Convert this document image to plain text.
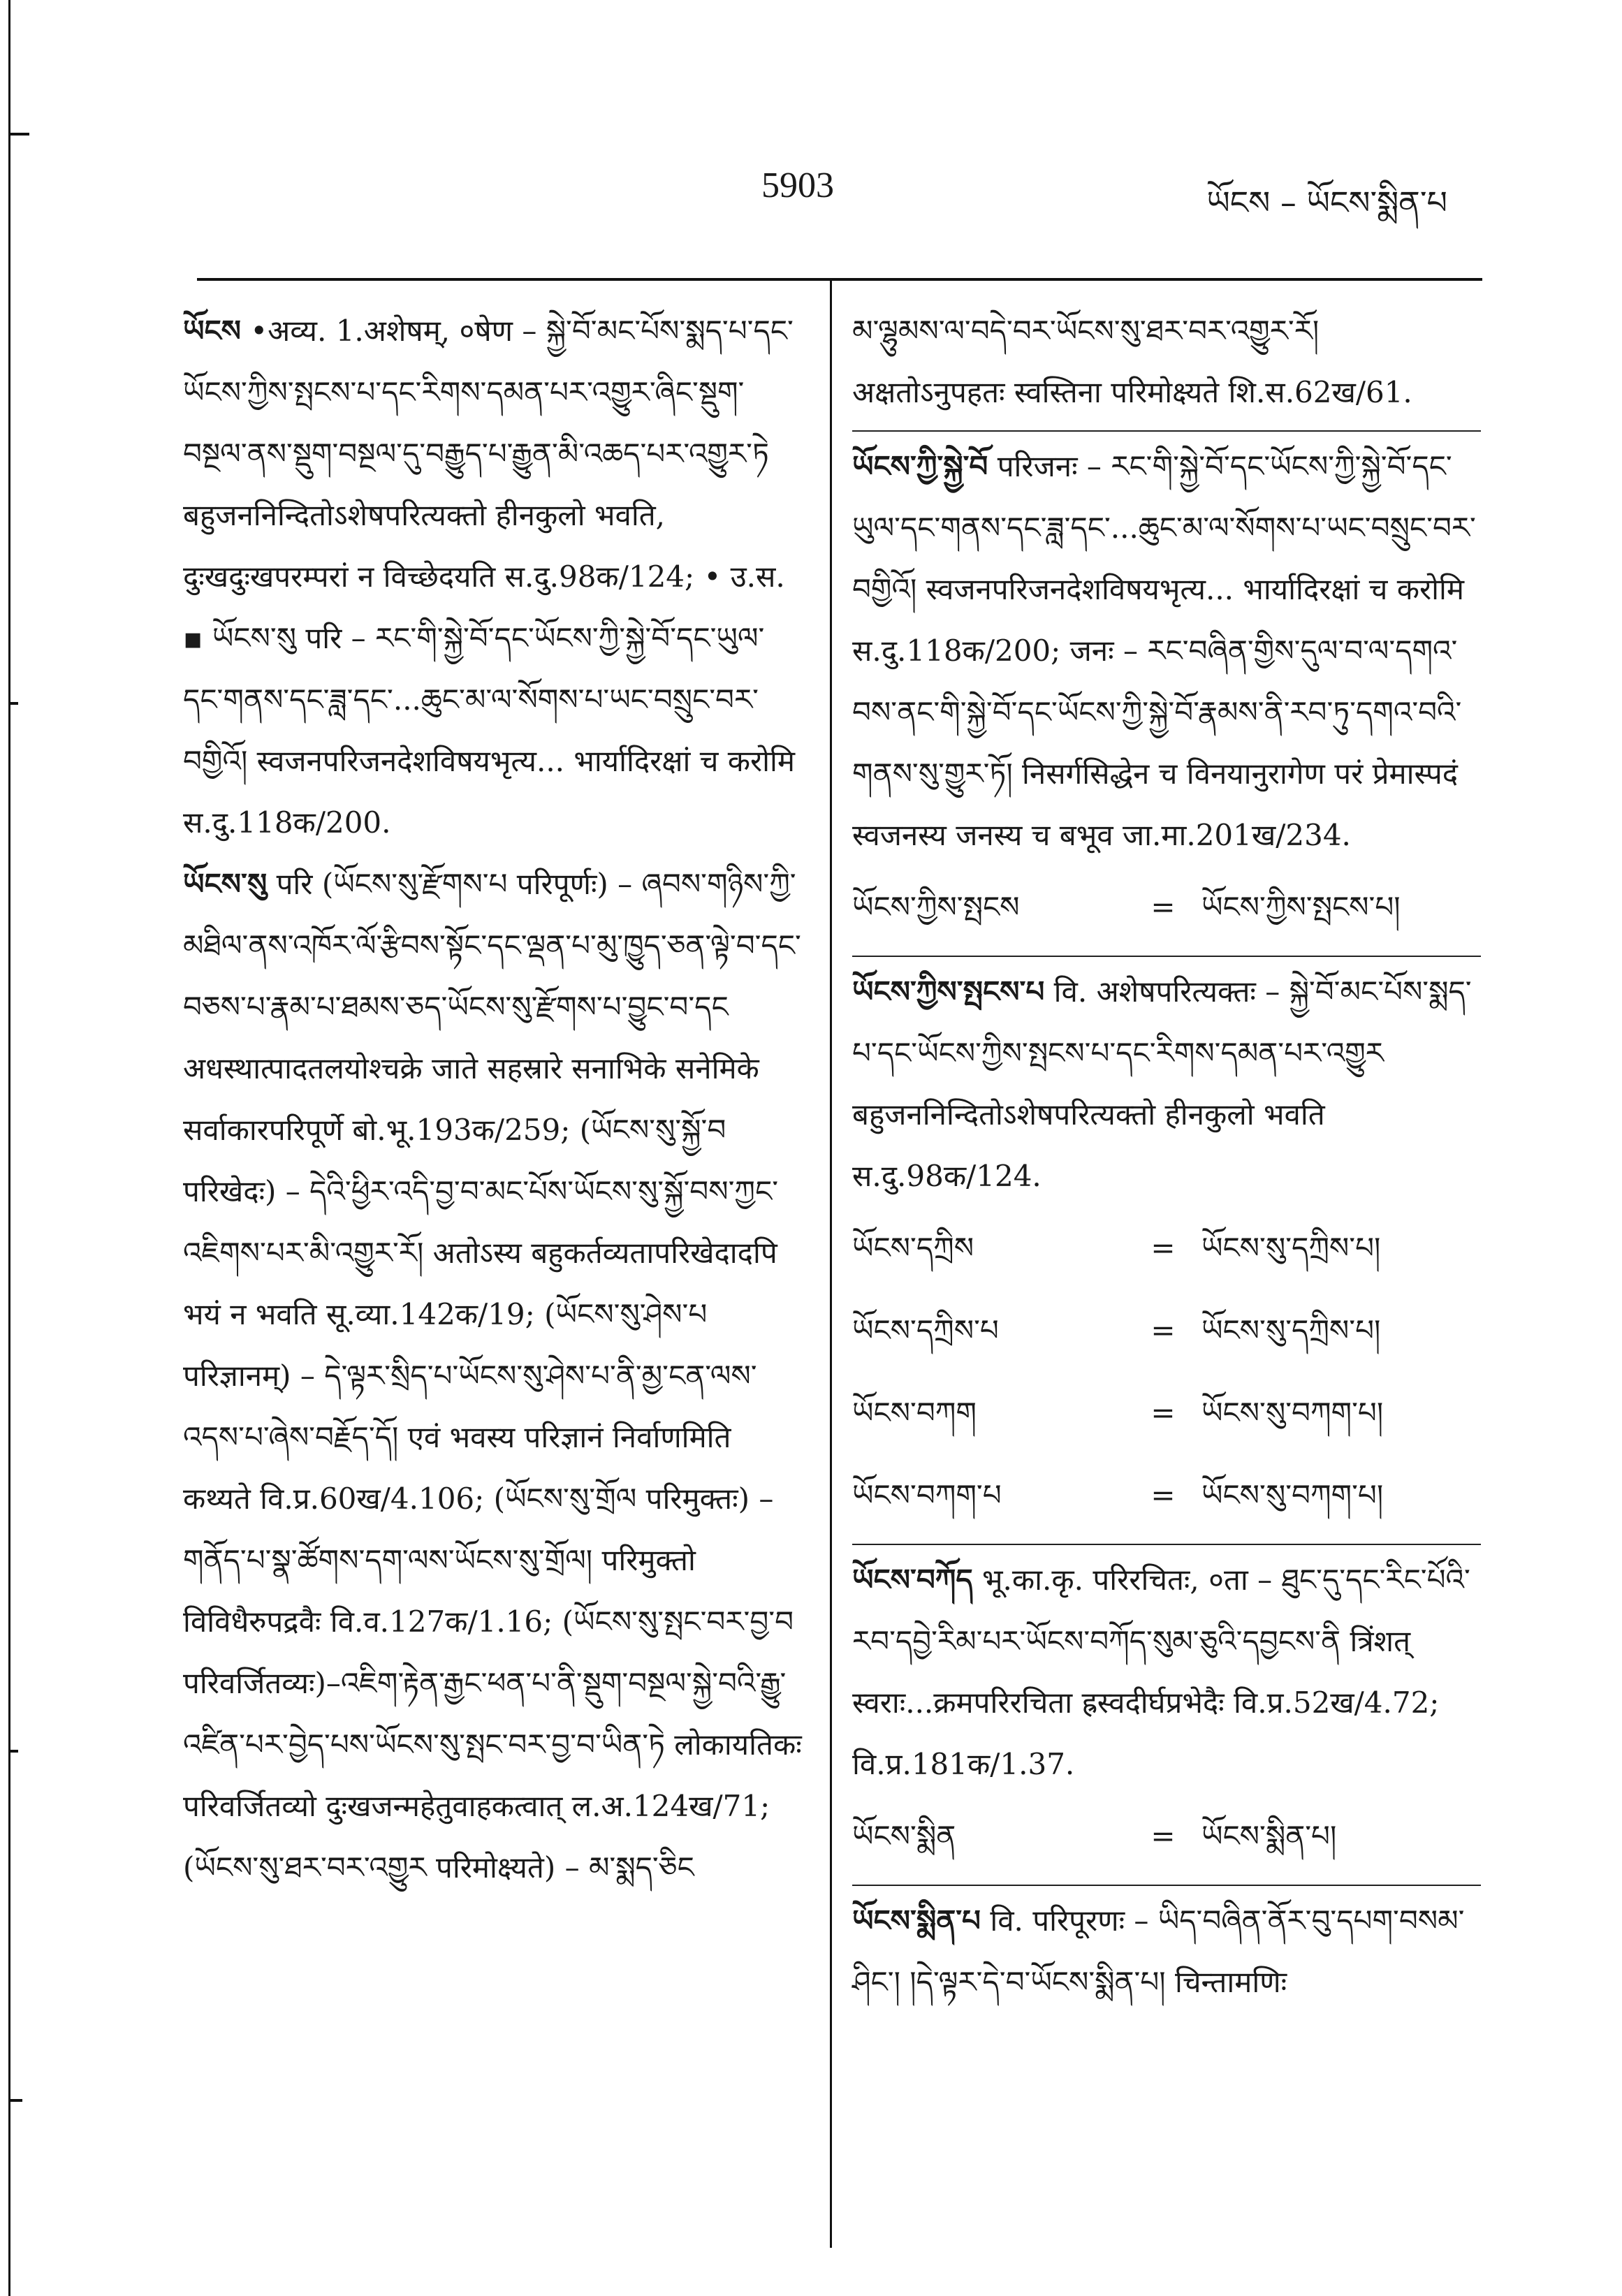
5903	ཡོངས – ཡོངས་སྨིན་པ
ཡོངས •अव्य. 1.अशेषम्, ०षेण – སྐྱེ་བོ་མང་པོས་སྨད་པ་དང་ཡོངས་ཀྱིས་སྤངས་པ་དང་རིགས་དམན་པར་འགྱུར་ཞིང་སྡུག་བསྔལ་ནས་སྡུག་བསྔལ་དུ་བརྒྱུད་པ་རྒྱུན་མི་འཆད་པར་འགྱུར་ཏེ बहुजननिन्दितोऽशेषपरित्यक्तो हीनकुलो भवति, दुःखदुःखपरम्परां न विच्छेदयति स.दु.98क/124; • उ.स. ▪ ཡོངས་སུ परि – རང་གི་སྐྱེ་བོ་དང་ཡོངས་ཀྱི་སྐྱེ་བོ་དང་ཡུལ་དང་གནས་དང་ཟླ་དང་...ཆུང་མ་ལ་སོགས་པ་ཡང་བསྲུང་བར་བགྱིའོ། स्वजनपरिजनदेशविषयभृत्य... भार्यादिरक्षां च करोमि स.दु.118क/200.
ཡོངས་སུ परि (ཡོངས་སུ་རྫོགས་པ परिपूर्णः) – ཞབས་གཉིས་ཀྱི་མཐིལ་ནས་འཁོར་ལོ་རྩིབས་སྟོང་དང་ལྡན་པ་མུ་ཁྱུད་ཅན་ལྟེ་བ་དང་བཅས་པ་རྣམ་པ་ཐམས་ཅད་ཡོངས་སུ་རྫོགས་པ་བྱུང་བ་དང अधस्थात्पादतलयोश्चक्रे जाते सहस्रारे सनाभिके सनेमिके सर्वाकारपरिपूर्णे बो.भू.193क/259; (ཡོངས་སུ་སྐྱོ་བ परिखेदः) – དེའི་ཕྱིར་འདི་བྱ་བ་མང་པོས་ཡོངས་སུ་སྐྱོ་བས་ཀྱང་འཇིགས་པར་མི་འགྱུར་རོ། अतोऽस्य बहुकर्तव्यतापरिखेदादपि भयं न भवति सू.व्या.142क/19; (ཡོངས་སུ་ཤེས་པ परिज्ञानम्) – དེ་ལྟར་སྲིད་པ་ཡོངས་སུ་ཤེས་པ་ནི་མྱ་ངན་ལས་འདས་པ་ཞེས་བརྗོད་དོ། एवं भवस्य परिज्ञानं निर्वाणमिति कथ्यते वि.प्र.60ख/4.106; (ཡོངས་སུ་གྲོལ परिमुक्तः) – གནོད་པ་སྣ་ཚོགས་དག་ལས་ཡོངས་སུ་གྲོལ། परिमुक्तो विविधैरुपद्रवैः वि.व.127क/1.16; (ཡོངས་སུ་སྤང་བར་བྱ་བ परिवर्जितव्यः)–འཇིག་རྟེན་རྒྱང་ཕན་པ་ནི་སྡུག་བསྔལ་སྐྱེ་བའི་རྒྱུ་འཛིན་པར་བྱེད་པས་ཡོངས་སུ་སྤང་བར་བྱ་བ་ཡིན་ཏེ लोकायतिकः परिवर्जितव्यो दुःखजन्महेतुवाहकत्वात् ल.अ.124ख/71; (ཡོངས་སུ་ཐར་བར་འགྱུར परिमोक्ष्यते) – མ་སྨད་ཅིང
མ་ལྷུམས་ལ་བདེ་བར་ཡོངས་སུ་ཐར་བར་འགྱུར་རོ། अक्षतोऽनुपहतः स्वस्तिना परिमोक्ष्यते शि.स.62ख/61.
ཡོངས་ཀྱི་སྐྱེ་བོ परिजनः – རང་གི་སྐྱེ་བོ་དང་ཡོངས་ཀྱི་སྐྱེ་བོ་དང་ཡུལ་དང་གནས་དང་ཟླ་དང་...ཆུང་མ་ལ་སོགས་པ་ཡང་བསྲུང་བར་བགྱིའོ། स्वजनपरिजनदेशविषयभृत्य... भार्यादिरक्षां च करोमि स.दु.118क/200; जनः – རང་བཞིན་གྱིས་དུལ་བ་ལ་དགའ་བས་ནང་གི་སྐྱེ་བོ་དང་ཡོངས་ཀྱི་སྐྱེ་བོ་རྣམས་ནི་རབ་ཏུ་དགའ་བའི་གནས་སུ་གྱུར་ཏོ། निसर्गसिद्धेन च विनयानुरागेण परं प्रेमास्पदं स्वजनस्य जनस्य च बभूव जा.मा.201ख/234.
ཡོངས་ཀྱིས་སྤངས	= ཡོངས་ཀྱིས་སྤངས་པ།
ཡོངས་ཀྱིས་སྤངས་པ वि. अशेषपरित्यक्तः – སྐྱེ་བོ་མང་པོས་སྨད་པ་དང་ཡོངས་ཀྱིས་སྤངས་པ་དང་རིགས་དམན་པར་འགྱུར बहुजननिन्दितोऽशेषपरित्यक्तो हीनकुलो भवति स.दु.98क/124.
ཡོངས་དཀྲིས	= ཡོངས་སུ་དཀྲིས་པ།
ཡོངས་དཀྲིས་པ	= ཡོངས་སུ་དཀྲིས་པ།
ཡོངས་བཀག	= ཡོངས་སུ་བཀག་པ།
ཡོངས་བཀག་པ	= ཡོངས་སུ་བཀག་པ།
ཡོངས་བཀོད भू.का.कृ. परिरचितः, ०ता – ཐུང་དུ་དང་རིང་པོའི་རབ་དབྱེ་རིམ་པར་ཡོངས་བཀོད་སུམ་ཅུའི་དབྱངས་ནི त्रिंशत् स्वराः...क्रमपरिरचिता ह्रस्वदीर्घप्रभेदैः वि.प्र.52ख/4.72; वि.प्र.181क/1.37.
ཡོངས་སྨིན	= ཡོངས་སྨིན་པ།
ཡོངས་སྨིན་པ वि. परिपूरणः – ཡིད་བཞིན་ནོར་བུ་དཔག་བསམ་ཤིང་། །དེ་ལྟར་དེ་བ་ཡོངས་སྨིན་པ། चिन्तामणिः
